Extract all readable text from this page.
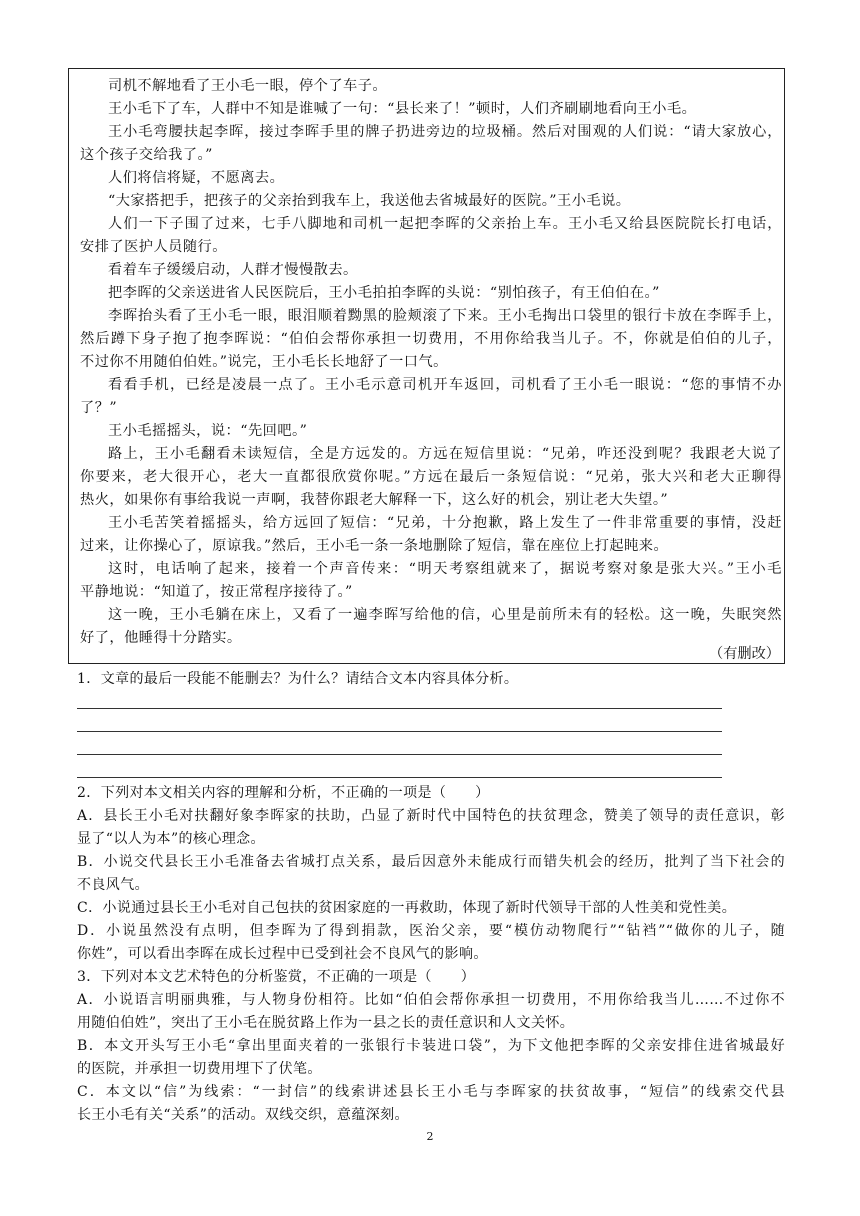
司机不解地看了王小毛一眼，停个了车子。
王小毛下了车，人群中不知是谁喊了一句：“县长来了！”顿时，人们齐刷刷地看向王小毛。
王小毛弯腰扶起李晖，接过李晖手里的牌子扔进旁边的垃圾桶。然后对围观的人们说：“请大家放心，
这个孩子交给我了。”
人们将信将疑，不愿离去。
“大家搭把手，把孩子的父亲抬到我车上，我送他去省城最好的医院。”王小毛说。
人们一下子围了过来，七手八脚地和司机一起把李晖的父亲抬上车。王小毛又给县医院院长打电话，
安排了医护人员随行。
看着车子缓缓启动，人群才慢慢散去。
把李晖的父亲送进省人民医院后，王小毛拍拍李晖的头说：“别怕孩子，有王伯伯在。”
李晖抬头看了王小毛一眼，眼泪顺着黝黑的脸颊滚了下来。王小毛掏出口袋里的银行卡放在李晖手上，
然后蹲下身子抱了抱李晖说：“伯伯会帮你承担一切费用，不用你给我当儿子。不，你就是伯伯的儿子，
不过你不用随伯伯姓。”说完，王小毛长长地舒了一口气。
看看手机，已经是凌晨一点了。王小毛示意司机开车返回，司机看了王小毛一眼说：“您的事情不办
了？”
王小毛摇摇头，说：“先回吧。”
路上，王小毛翻看未读短信，全是方远发的。方远在短信里说：“兄弟，咋还没到呢？我跟老大说了
你要来，老大很开心，老大一直都很欣赏你呢。”方远在最后一条短信说：“兄弟，张大兴和老大正聊得
热火，如果你有事给我说一声啊，我替你跟老大解释一下，这么好的机会，别让老大失望。”
王小毛苦笑着摇摇头，给方远回了短信：“兄弟，十分抱歉，路上发生了一件非常重要的事情，没赶
过来，让你操心了，原谅我。”然后，王小毛一条一条地删除了短信，靠在座位上打起盹来。
这时，电话响了起来，接着一个声音传来：“明天考察组就来了，据说考察对象是张大兴。”王小毛
平静地说：“知道了，按正常程序接待了。”
这一晚，王小毛躺在床上，又看了一遍李晖写给他的信，心里是前所未有的轻松。这一晚，失眠突然
好了，他睡得十分踏实。
（有删改）
1．文章的最后一段能不能删去？为什么？请结合文本内容具体分析。
2．下列对本文相关内容的理解和分析，不正确的一项是（　　）
A．县长王小毛对扶翻好象李晖家的扶助，凸显了新时代中国特色的扶贫理念，赞美了领导的责任意识，彰
显了“以人为本”的核心理念。
B．小说交代县长王小毛准备去省城打点关系，最后因意外未能成行而错失机会的经历，批判了当下社会的
不良风气。
C．小说通过县长王小毛对自己包扶的贫困家庭的一再救助，体现了新时代领导干部的人性美和党性美。
D．小说虽然没有点明，但李晖为了得到捐款，医治父亲，要“模仿动物爬行”“钻裆”“做你的儿子，随
你姓”，可以看出李晖在成长过程中已受到社会不良风气的影响。
3．下列对本文艺术特色的分析鉴赏，不正确的一项是（　　）
A．小说语言明丽典雅，与人物身份相符。比如“伯伯会帮你承担一切费用，不用你给我当儿……不过你不
用随伯伯姓”，突出了王小毛在脱贫路上作为一县之长的责任意识和人文关怀。
B．本文开头写王小毛“拿出里面夹着的一张银行卡装进口袋”，为下文他把李晖的父亲安排住进省城最好
的医院，并承担一切费用埋下了伏笔。
C．本文以“信”为线索：“一封信”的线索讲述县长王小毛与李晖家的扶贫故事，“短信”的线索交代县
长王小毛有关“关系”的活动。双线交织，意蕴深刻。
2
